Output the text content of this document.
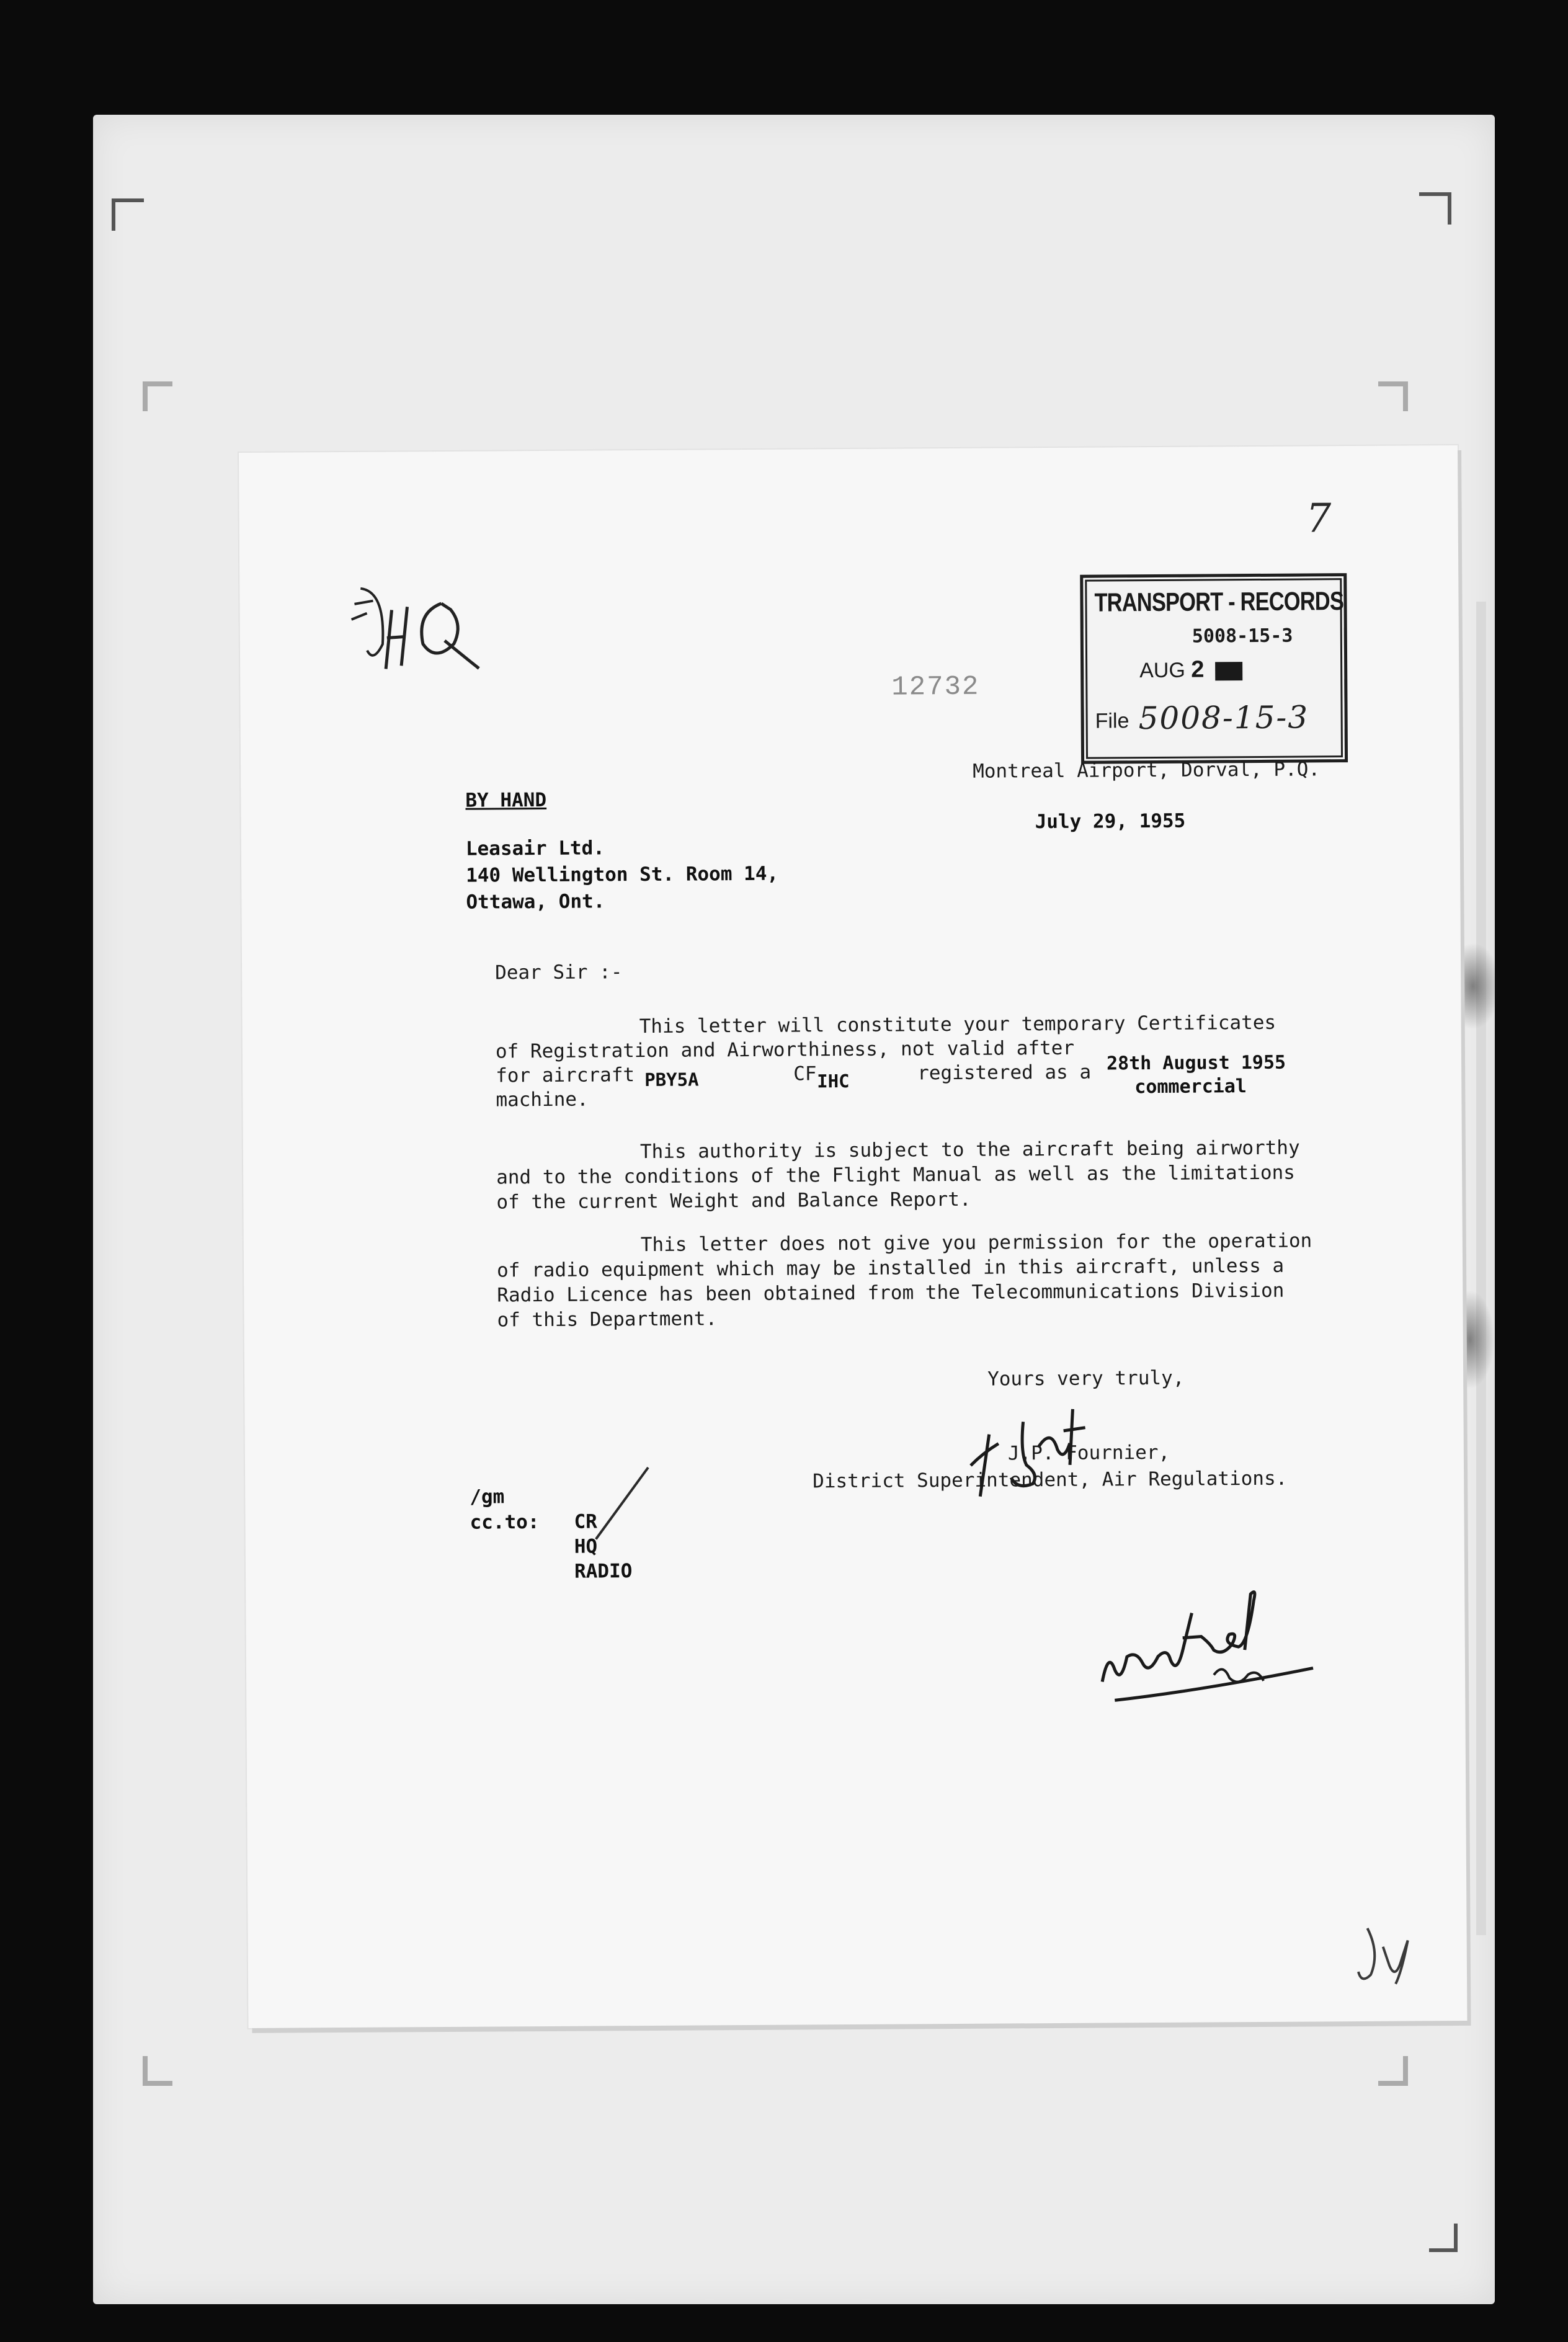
7
12732
TRANSPORT - RECORDS
5008-15-3
AUG 2
File 5008-15-3
Montreal Airport, Dorval, P.Q.
BY HAND
July 29, 1955
Leasair Ltd.
140 Wellington St. Room 14,
Ottawa, Ont.
Dear Sir :-
This letter will constitute your temporary Certificates
of Registration and Airworthiness, not valid after
for aircraft PBY5A	CF IHC	registered as a 28th August 1955
commercial
machine.
This authority is subject to the aircraft being airworthy
and to the conditions of the Flight Manual as well as the limitations
of the current Weight and Balance Report.
This letter does not give you permission for the operation
of radio equipment which may be installed in this aircraft, unless a
Radio Licence has been obtained from the Telecommunications Division
of this Department.
Yours very truly,
J.P. Fournier,
District Superintendent, Air Regulations.
/gm
cc.to: CR
HQ
RADIO
